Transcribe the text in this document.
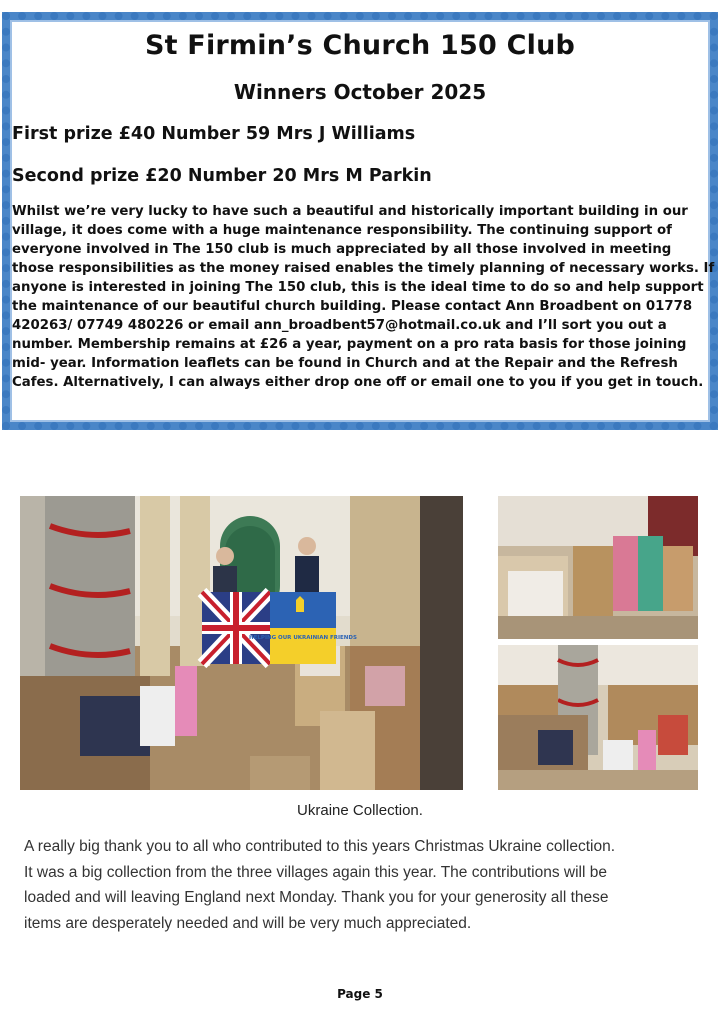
St Firmin’s Church 150 Club
Winners October 2025
First prize £40 Number 59 Mrs J Williams
Second prize £20 Number 20 Mrs M Parkin
Whilst we’re very lucky to have such a beautiful and historically important building in our
village, it does come with a huge maintenance responsibility. The continuing support of
everyone involved in The 150 club is much appreciated by all those involved in meeting
those responsibilities as the money raised enables the timely planning of necessary works. If
anyone is interested in joining The 150 club, this is the ideal time to do so and help support
the maintenance of our beautiful church building. Please contact Ann Broadbent on 01778
420263/ 07749 480226 or email ann_broadbent57@hotmail.co.uk and I’ll sort you out a
number. Membership remains at £26 a year, payment on a pro rata basis for those joining
mid- year. Information leaflets can be found in Church and at the Repair and the Refresh
Cafes. Alternatively, I can always either drop one off or email one to you if you get in touch.
HELPING OUR UKRAINIAN FRIENDS
Ukraine Collection.
A really big thank you to all who contributed to this years Christmas Ukraine collection.
It was a big collection from the three villages again this year. The contributions will be
loaded and will leaving England next Monday. Thank you for your generosity all these
items are desperately needed and will be very much appreciated.
Page 5
